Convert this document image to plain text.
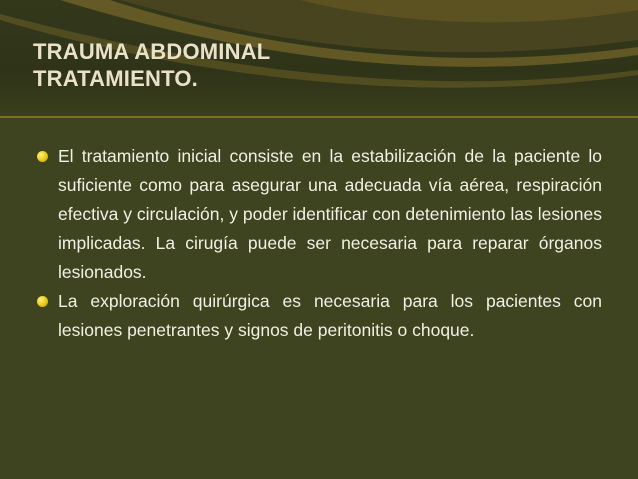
TRAUMA ABDOMINAL
TRATAMIENTO.
El tratamiento inicial consiste en la estabilización de la paciente lo suficiente como para asegurar una adecuada vía aérea, respiración efectiva y circulación, y poder identificar con detenimiento las lesiones implicadas. La cirugía puede ser necesaria para reparar órganos lesionados.
La exploración quirúrgica es necesaria para los pacientes con lesiones penetrantes y signos de peritonitis o choque.
